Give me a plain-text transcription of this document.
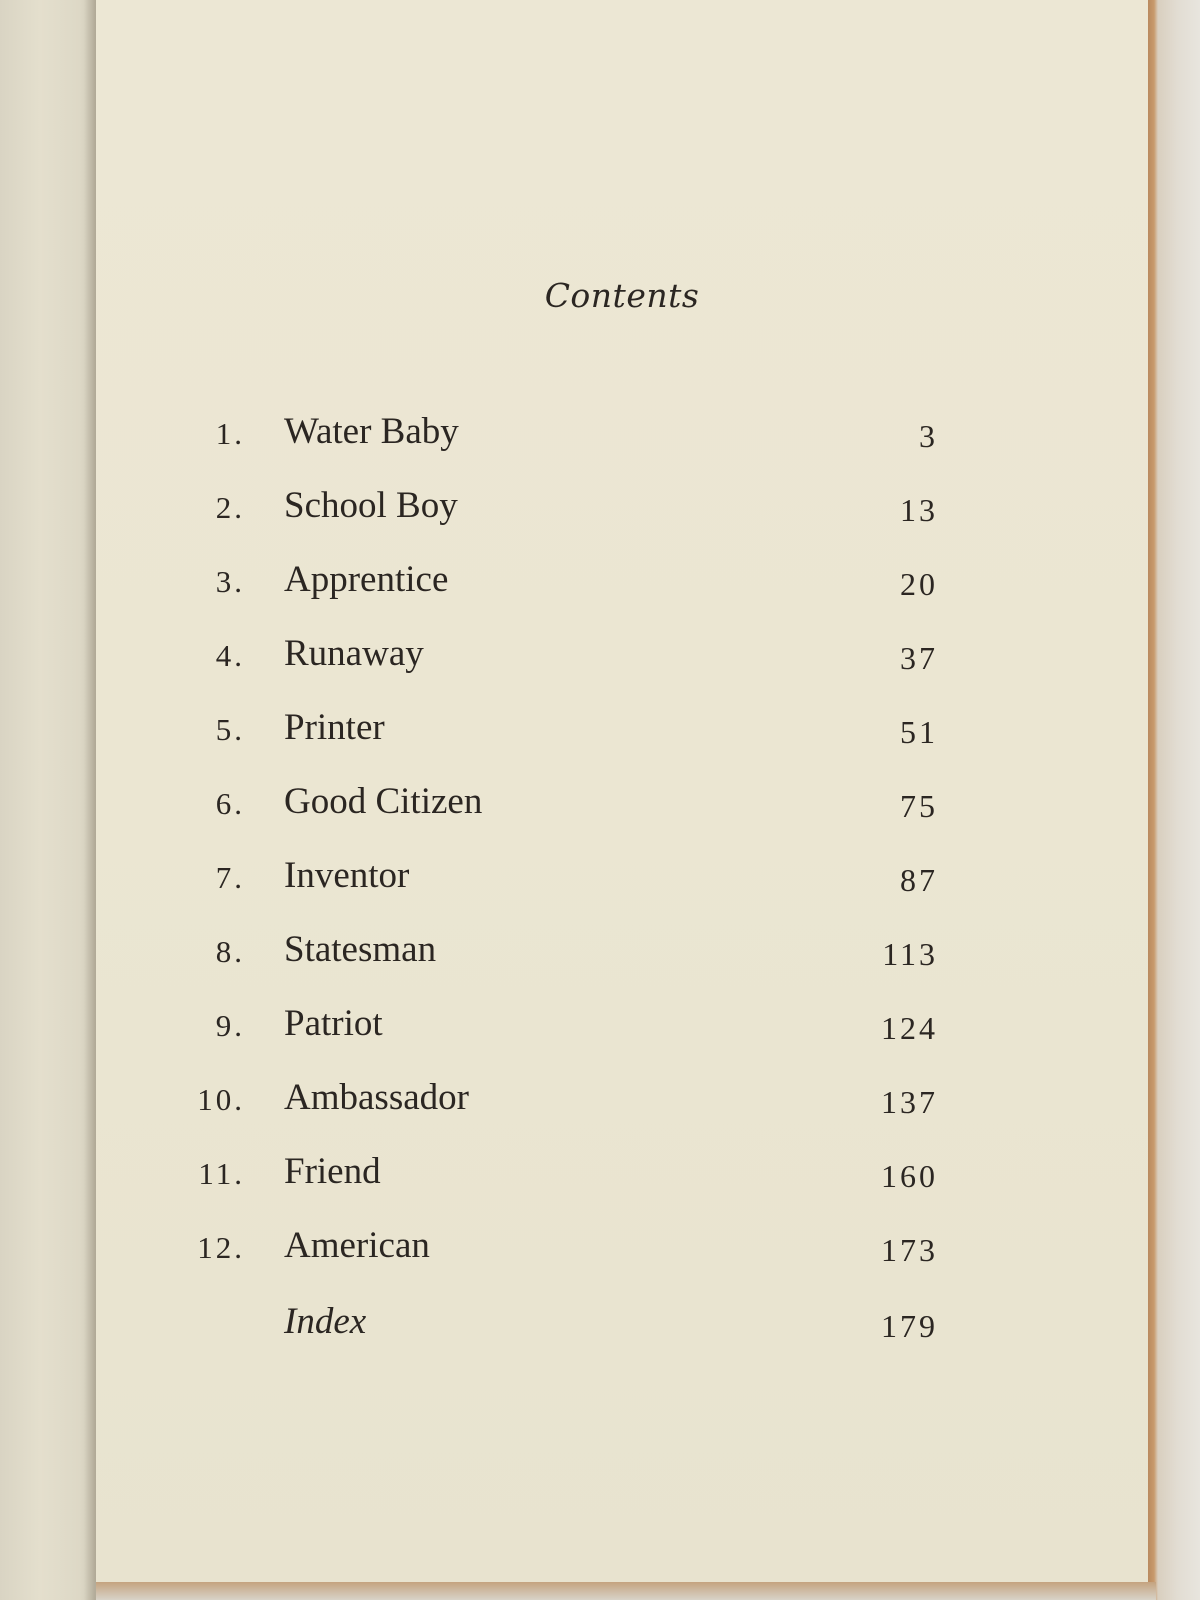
Contents
1. Water Baby	3
2. School Boy	13
3. Apprentice	20
4. Runaway	37
5. Printer	51
6. Good Citizen	75
7. Inventor	87
8. Statesman	113
9. Patriot	124
10. Ambassador	137
11. Friend	160
12. American	173
Index	179
